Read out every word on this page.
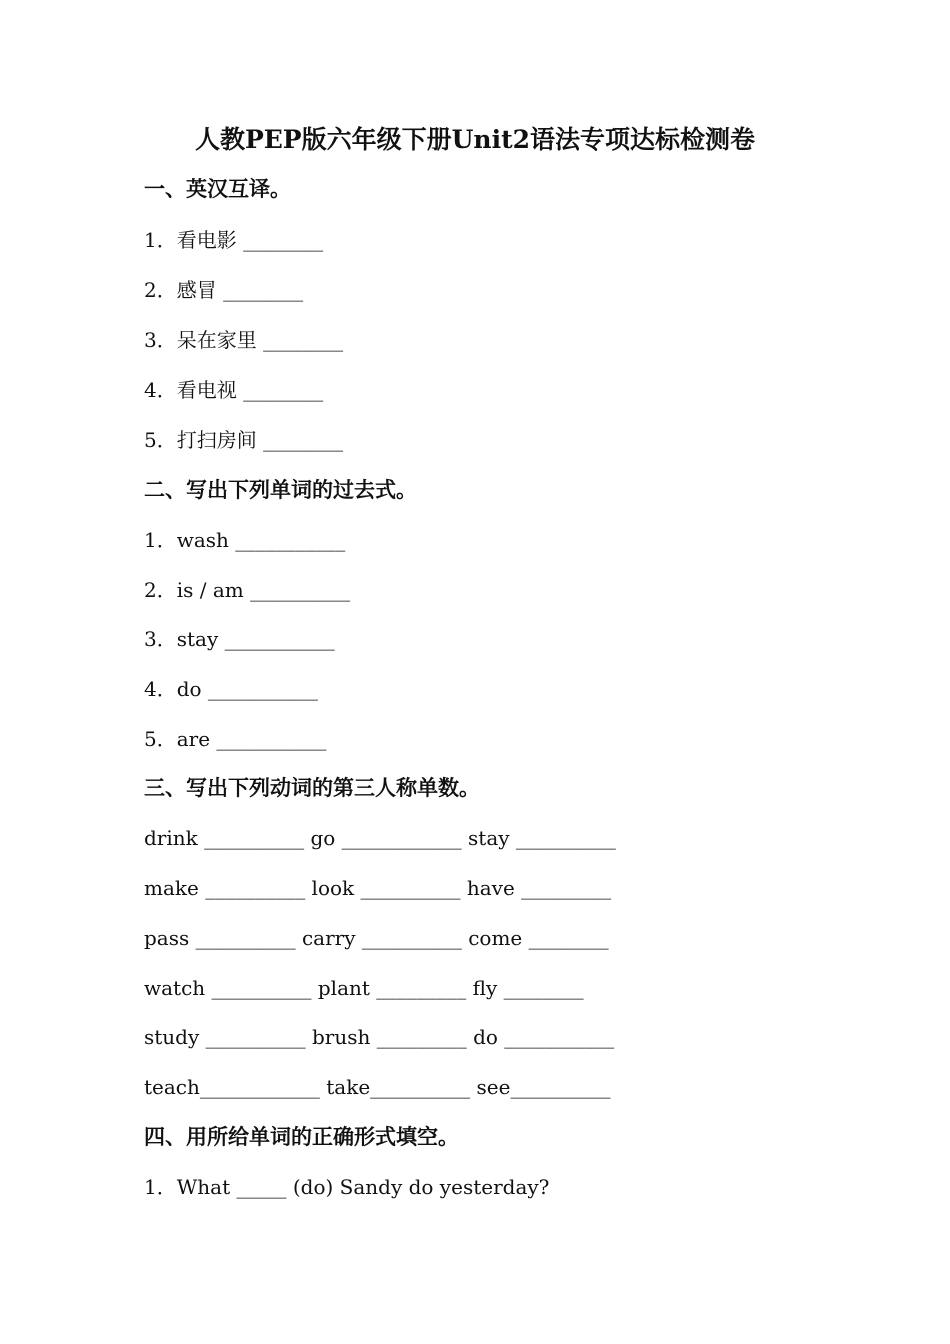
人教PEP版六年级下册Unit2语法专项达标检测卷
一、英汉互译。
1．看电影 ________
2．感冒 ________
3．呆在家里 ________
4．看电视 ________
5．打扫房间 ________
二、写出下列单词的过去式。
1．wash ___________
2．is / am __________
3．stay ___________
4．do ___________
5．are ___________
三、写出下列动词的第三人称单数。
drink __________ go ____________ stay __________
make __________ look __________ have _________
pass __________ carry __________ come ________
watch __________ plant _________ fly ________
study __________ brush _________ do ___________
teach____________ take__________ see__________
四、用所给单词的正确形式填空。
1．What _____ (do) Sandy do yesterday?
